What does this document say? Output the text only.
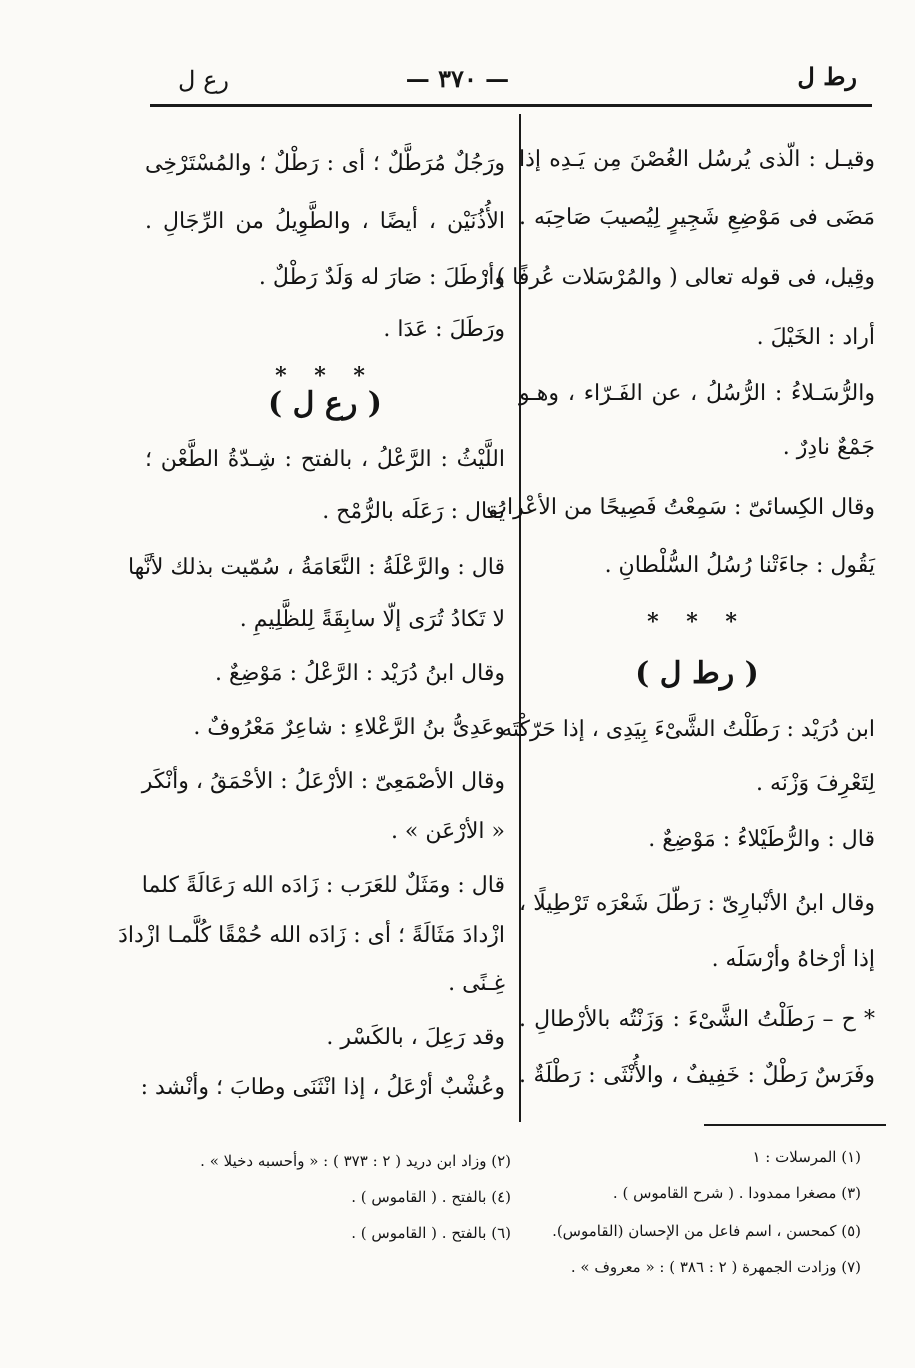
رط ل
— ٣٧٠ —
رع ل
وقيـل : الّذى يُرسُل الغُصْنَ مِن يَـدِه إذا
مَضَى فى مَوْضِعِ شَجِيرٍ لِيُصيبَ صَاحِبَه .
وقِيل، فى قوله تعالى ( والمُرْسَلات عُرفًا ) :
أراد : الخَيْلَ .
والرُّسَـلاءُ : الرُّسُلُ ، عن الفَـرّاء ، وهـو
جَمْعٌ نادِرٌ .
وقال الكِسائىّ : سَمِعْتُ فَصِيحًا من الأعْراب
يَقُول : جاءَتْنا رُسُلُ السُّلْطانِ .
* * *
( رط ل )
ابن دُرَيْد : رَطَلْتُ الشَّىْءَ بِيَدِى ، إذا حَرّكْتَه
لِتَعْرِفَ وَزْنَه .
قال : والرُّطَيْلاءُ : مَوْضِعٌ .
وقال ابنُ الأنْبارِىّ : رَطّلَ شَعْرَه تَرْطِيلًا ،
إذا أرْخاهُ وأرْسَلَه .
* ح – رَطَلْتُ الشَّىْءَ : وَزَنْتُه بالأرْطالِ .
وفَرَسٌ رَطْلٌ : خَفِيفٌ ، والأُنْثَى : رَطْلَةٌ .
ورَجُلٌ مُرَطَّلٌ ؛ أى : رَطْلٌ ؛ والمُسْتَرْخِى
الأُذُنَيْن ، أيضًا ، والطَّوِيلُ من الرِّجَالِ .
وأرْطَلَ : صَارَ له وَلَدٌ رَطْلٌ .
ورَطَلَ : عَدَا .
* * *
( رع ل )
اللَّيْثُ : الرَّعْلُ ، بالفتح : شِـدّةُ الطَّعْن ؛
يُقال : رَعَلَه بالرُّمْح .
قال : والرَّعْلَةُ : النَّعَامَةُ ، سُمّيت بذلك لأنَّها
لا تَكادُ تُرَى إلّا سابِقَةً لِلظَّلِيمِ .
وقال ابنُ دُرَيْد : الرَّعْلُ : مَوْضِعٌ .
وعَدِىُّ بنُ الرَّعْلاءِ : شاعِرٌ مَعْرُوفٌ .
وقال الأصْمَعِىّ : الأرْعَلُ : الأحْمَقُ ، وأنْكَر
« الأرْعَن » .
قال : ومَثَلٌ للعَرَب : زَادَه الله رَعَالَةً كلما
ازْدادَ مَثَالَةً ؛ أى : زَادَه الله حُمْقًا كُلَّمـا ازْدادَ
غِـنًى .
وقد رَعِلَ ، بالكَسْر .
وعُشْبٌ أرْعَلُ ، إذا انْثَنَى وطابَ ؛ وأنْشد :
(١) المرسلات : ١
(٣) مصغرا ممدودا . ( شرح القاموس ) .
(٥) كمحسن ، اسم فاعل من الإحسان (القاموس).
(٧) وزادت الجمهرة ( ٢ : ٣٨٦ ) : « معروف » .
(٢) وزاد ابن دريد ( ٢ : ٣٧٣ ) : « وأحسبه دخيلا » .
(٤) بالفتح . ( القاموس ) .
(٦) بالفتح . ( القاموس ) .
